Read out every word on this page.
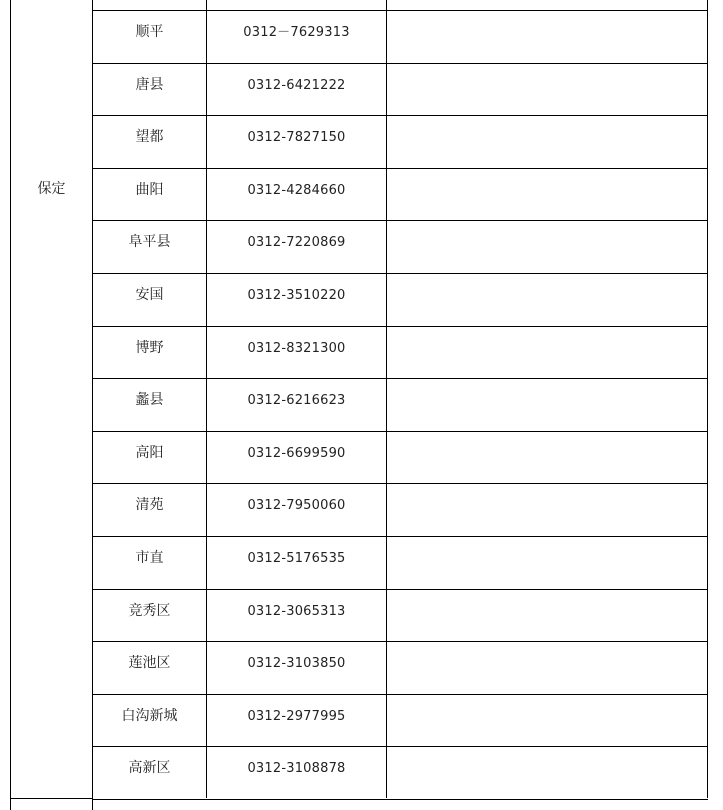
保定
顺平	0312－7629313
唐县	0312-6421222
望都	0312-7827150
曲阳	0312-4284660
阜平县	0312-7220869
安国	0312-3510220
博野	0312-8321300
蠡县	0312-6216623
高阳	0312-6699590
清苑	0312-7950060
市直	0312-5176535
竞秀区	0312-3065313
莲池区	0312-3103850
白沟新城	0312-2977995
高新区	0312-3108878
